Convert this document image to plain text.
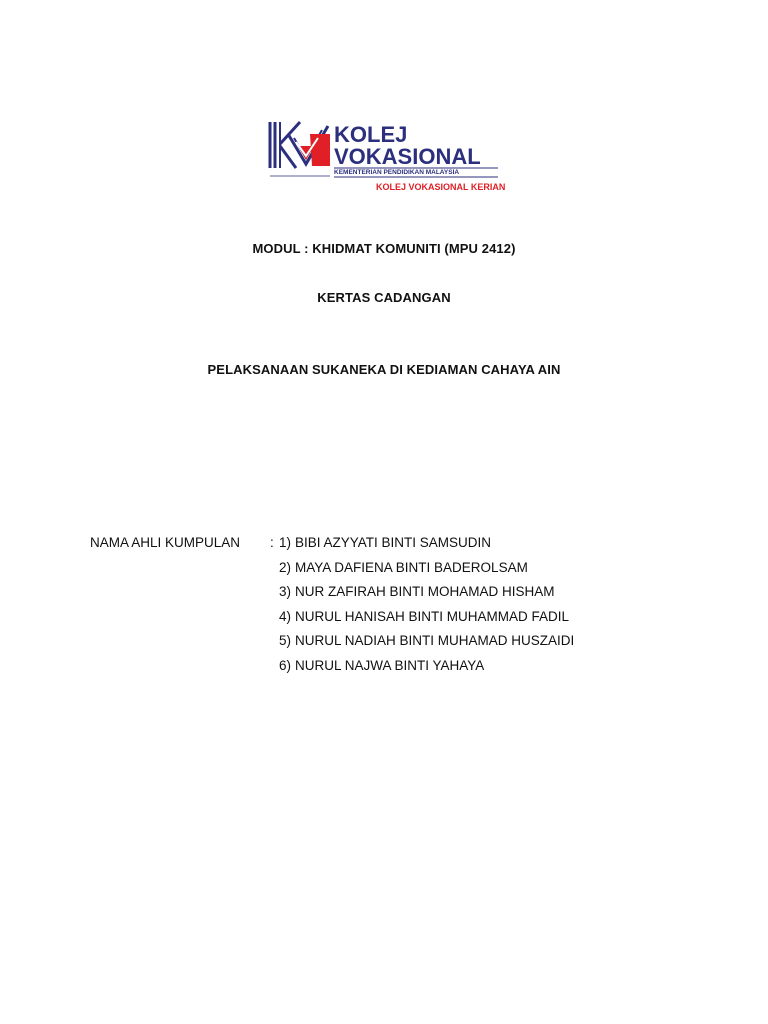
KOLEJ
VOKASIONAL
KEMENTERIAN PENDIDIKAN MALAYSIA
KOLEJ VOKASIONAL KERIAN
MODUL : KHIDMAT KOMUNITI (MPU 2412)
KERTAS CADANGAN
PELAKSANAAN SUKANEKA DI KEDIAMAN CAHAYA AIN
NAMA AHLI KUMPULAN : 1) BIBI AZYYATI BINTI SAMSUDIN
2) MAYA DAFIENA BINTI BADEROLSAM
3) NUR ZAFIRAH BINTI MOHAMAD HISHAM
4) NURUL HANISAH BINTI MUHAMMAD FADIL
5) NURUL NADIAH BINTI MUHAMAD HUSZAIDI
6) NURUL NAJWA BINTI YAHAYA
